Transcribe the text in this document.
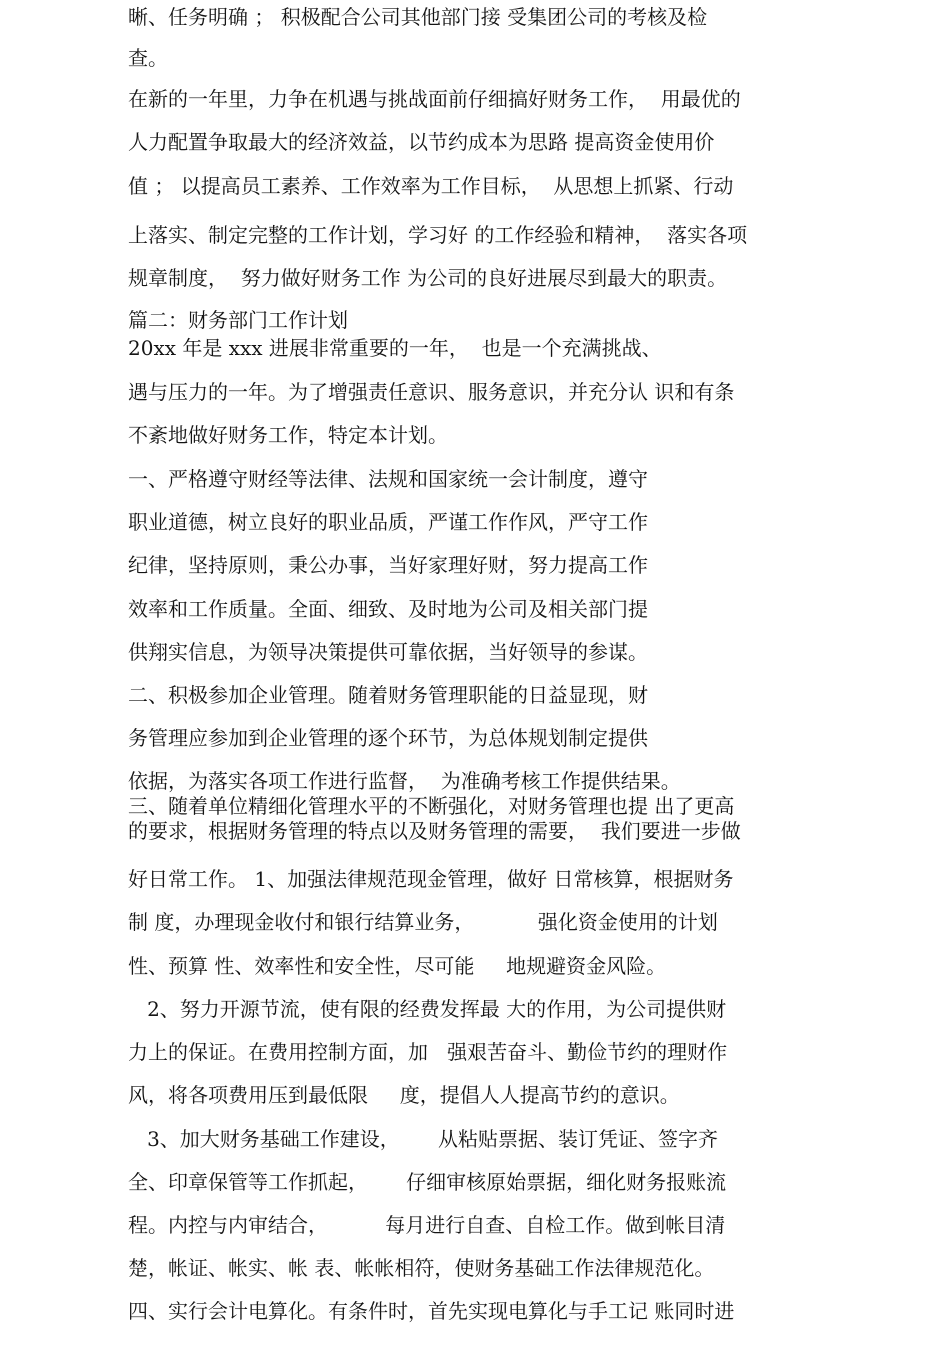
晰、任务明确 ； 积极配合公司其他部门接 受集团公司的考核及检

查。

在新的一年里，力争在机遇与挑战面前仔细搞好财务工作，  用最优的

人力配置争取最大的经济效益，以节约成本为思路 提高资金使用价

值 ； 以提高员工素养、工作效率为工作目标，  从思想上抓紧、行动

上落实、制定完整的工作计划，学习好 的工作经验和精神，  落实各项

规章制度，  努力做好财务工作 为公司的良好进展尽到最大的职责。

篇二：财务部门工作计划

20xx 年是 xxx 进展非常重要的一年，  也是一个充满挑战、

遇与压力的一年。为了增强责任意识、服务意识，并充分认 识和有条

不紊地做好财务工作，特定本计划。

一、严格遵守财经等法律、法规和国家统一会计制度，遵守

职业道德，树立良好的职业品质，严谨工作作风，严守工作

纪律，坚持原则，秉公办事，当好家理好财，努力提高工作

效率和工作质量。全面、细致、及时地为公司及相关部门提

供翔实信息，为领导决策提供可靠依据，当好领导的参谋。

二、积极参加企业管理。随着财务管理职能的日益显现，财

务管理应参加到企业管理的逐个环节，为总体规划制定提供

依据，为落实各项工作进行监督，  为准确考核工作提供结果。

三、随着单位精细化管理水平的不断强化，对财务管理也提 出了更高

的要求，根据财务管理的特点以及财务管理的需要，  我们要进一步做

好日常工作。 1、加强法律规范现金管理，做好 日常核算，根据财务

制 度，办理现金收付和银行结算业务，          强化资金使用的计划

性、预算 性、效率性和安全性，尽可能     地规避资金风险。

2、努力开源节流，使有限的经费发挥最 大的作用，为公司提供财

力上的保证。在费用控制方面，加   强艰苦奋斗、勤俭节约的理财作

风，将各项费用压到最低限     度，提倡人人提高节约的意识。

3、加大财务基础工作建设，      从粘贴票据、装订凭证、签字齐

全、印章保管等工作抓起，      仔细审核原始票据，细化财务报账流

程。内控与内审结合，         每月进行自查、自检工作。做到帐目清

楚，帐证、帐实、帐 表、帐帐相符，使财务基础工作法律规范化。

四、实行会计电算化。有条件时，首先实现电算化与手工记 账同时进
